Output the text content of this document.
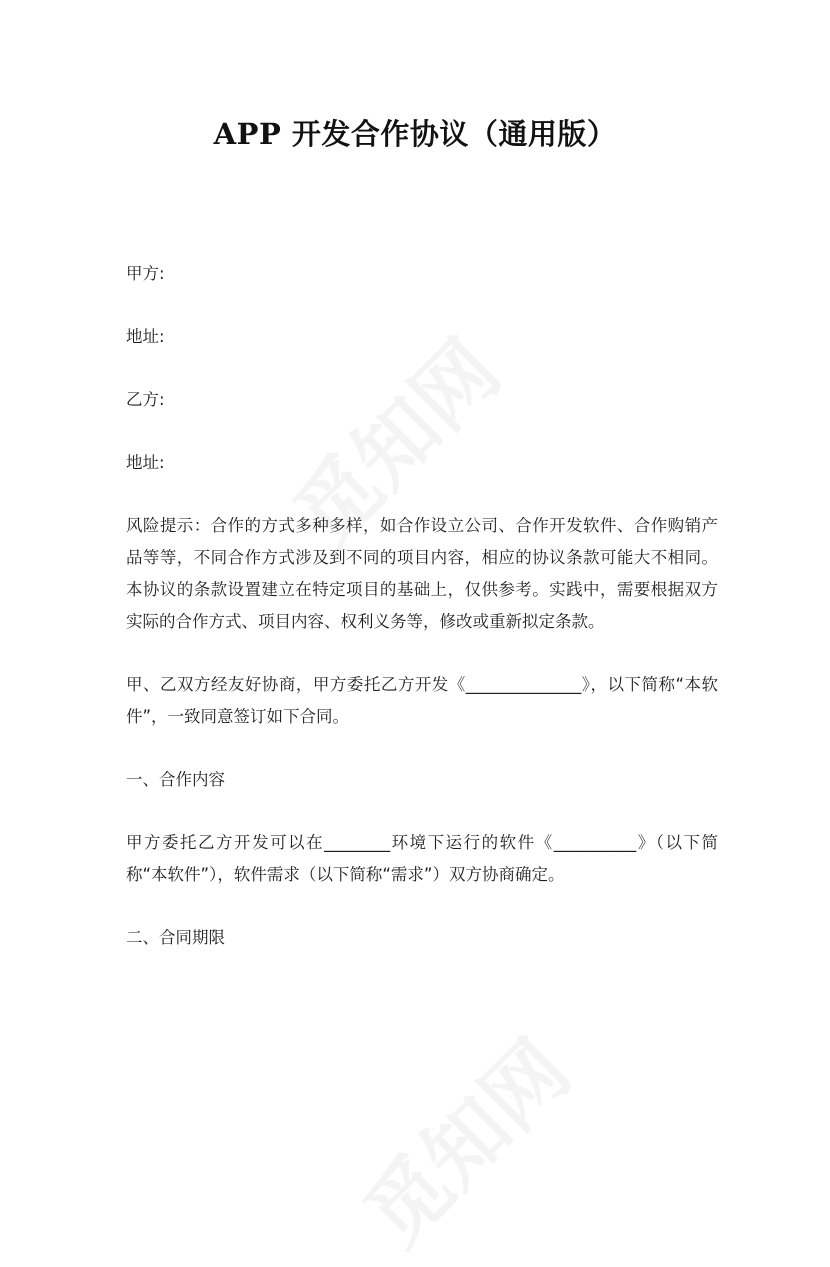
APP 开发合作协议（通用版）

甲方:

地址:

乙方:

地址:

风险提示：合作的方式多种多样，如合作设立公司、合作开发软件、合作购销产品等等，不同合作方式涉及到不同的项目内容，相应的协议条款可能大不相同。本协议的条款设置建立在特定项目的基础上，仅供参考。实践中，需要根据双方实际的合作方式、项目内容、权利义务等，修改或重新拟定条款。

甲、乙双方经友好协商，甲方委托乙方开发《______________》，以下简称“本软件”，一致同意签订如下合同。

一、合作内容

甲方委托乙方开发可以在________环境下运行的软件《__________》（以下简称“本软件”），软件需求（以下简称“需求”）双方协商确定。

二、合同期限
